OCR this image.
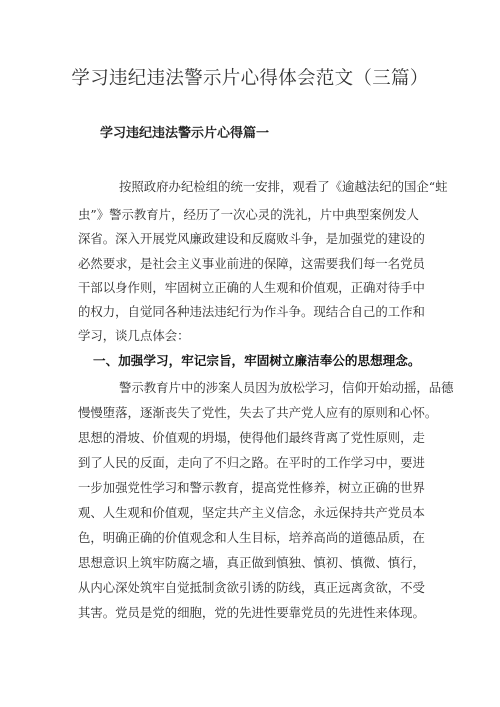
学习违纪违法警示片心得体会范文（三篇）
学习违纪违法警示片心得篇一
按照政府办纪检组的统一安排，观看了《逾越法纪的国企“蛀
虫”》警示教育片，经历了一次心灵的洗礼，片中典型案例发人
深省。深入开展党风廉政建设和反腐败斗争，是加强党的建设的
必然要求，是社会主义事业前进的保障，这需要我们每一名党员
干部以身作则，牢固树立正确的人生观和价值观，正确对待手中
的权力，自觉同各种违法违纪行为作斗争。现结合自己的工作和
学习，谈几点体会：
一、加强学习，牢记宗旨，牢固树立廉洁奉公的思想理念。
警示教育片中的涉案人员因为放松学习，信仰开始动摇，品德
慢慢堕落，逐渐丧失了党性，失去了共产党人应有的原则和心怀。
思想的滑坡、价值观的坍塌，使得他们最终背离了党性原则，走
到了人民的反面，走向了不归之路。在平时的工作学习中，要进
一步加强党性学习和警示教育，提高党性修养，树立正确的世界
观、人生观和价值观，坚定共产主义信念，永远保持共产党员本
色，明确正确的价值观念和人生目标，培养高尚的道德品质，在
思想意识上筑牢防腐之墙，真正做到慎独、慎初、慎微、慎行，
从内心深处筑牢自觉抵制贪欲引诱的防线，真正远离贪欲，不受
其害。党员是党的细胞，党的先进性要靠党员的先进性来体现。
